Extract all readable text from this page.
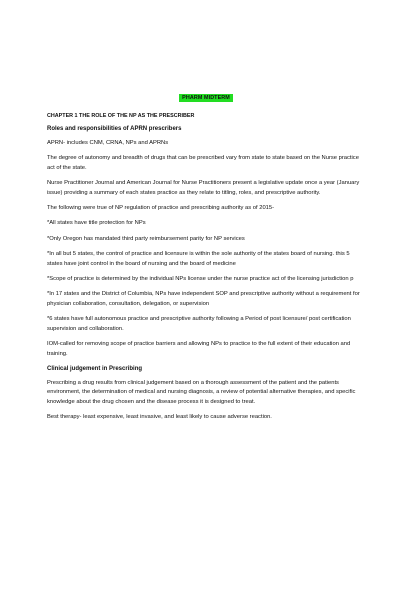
PHARM MIDTERM
CHAPTER 1 THE ROLE OF THE NP AS THE PRESCRIBER
Roles and responsibilities of APRN prescribers

APRN- includes CNM, CRNA, NPs and APRNs

The degree of autonomy and breadth of drugs that can be prescribed vary from state to state based on the Nurse practice act of the state.

Nurse Practitioner Journal and American Journal for Nurse Practitioners present a legislative update once a year (January issue) providing a summary of each states practice as they relate to titling, roles, and prescriptive authority.

The following were true of NP regulation of practice and prescribing authority as of 2015-

*All states have title protection for NPs

*Only Oregon has mandated third party reimbursement parity for NP services

*In all but 5 states, the control of practice and licensure is within the sole authority of the states board of nursing. this 5 states have joint control in the board of nursing and the board of medicine

*Scope of practice is determined by the individual NPs license under the nurse practice act of the licensing jurisdiction p

*In 17 states and the District of Columbia, NPs have independent SOP and prescriptive authority without a requirement for physician collaboration, consultation, delegation, or supervision

*6 states have full autonomous practice and prescriptive authority following a Period of post licensure/ post certification supervision and collaboration.

IOM-called for removing scope of practice barriers and allowing NPs to practice to the full extent of their education and training.

Clinical judgement in Prescribing

Prescribing a drug results from clinical judgement based on a thorough assessment of the patient and the patients environment, the determination of medical and nursing diagnosis, a review of potential alternative therapies, and specific knowledge about the drug chosen and the disease process it is designed to treat.

Best therapy- least expensive, least invasive, and least likely to cause adverse reaction.
